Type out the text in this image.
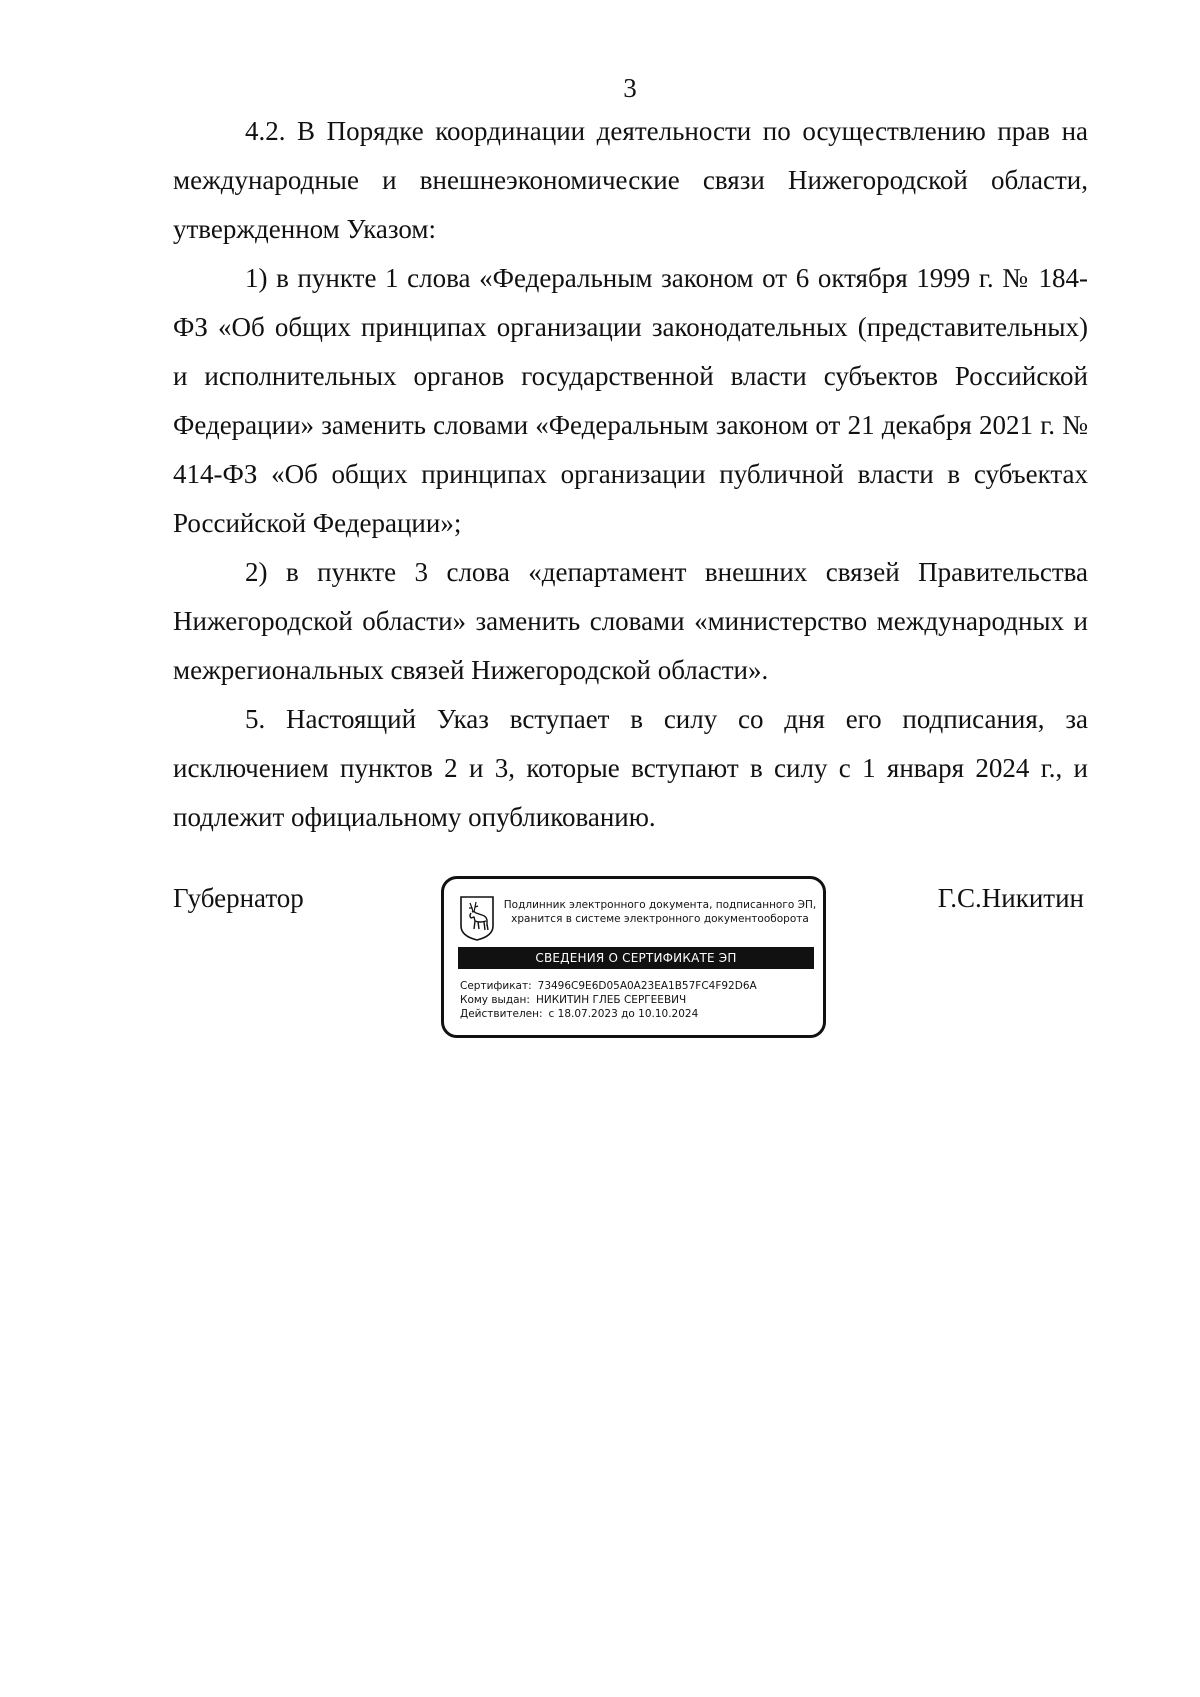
3

4.2. В Порядке координации деятельности по осуществлению прав на международные и внешнеэкономические связи Нижегородской области, утвержденном Указом:

1) в пункте 1 слова «Федеральным законом от 6 октября 1999 г. № 184-ФЗ «Об общих принципах организации законодательных (представительных) и исполнительных органов государственной власти субъектов Российской Федерации» заменить словами «Федеральным законом от 21 декабря 2021 г. № 414-ФЗ «Об общих принципах организации публичной власти в субъектах Российской Федерации»;

2) в пункте 3 слова «департамент внешних связей Правительства Нижегородской области» заменить словами «министерство международных и межрегиональных связей Нижегородской области».

5. Настоящий Указ вступает в силу со дня его подписания, за исключением пунктов 2 и 3, которые вступают в силу с 1 января 2024 г., и подлежит официальному опубликованию.

Губернатор	Г.С.Никитин
Подлинник электронного документа, подписанного ЭП,
хранится в системе электронного документооборота
СВЕДЕНИЯ О СЕРТИФИКАТЕ ЭП
Сертификат: 73496C9E6D05A0A23EA1B57FC4F92D6A
Кому выдан: НИКИТИН ГЛЕБ СЕРГЕЕВИЧ
Действителен: с 18.07.2023 до 10.10.2024
